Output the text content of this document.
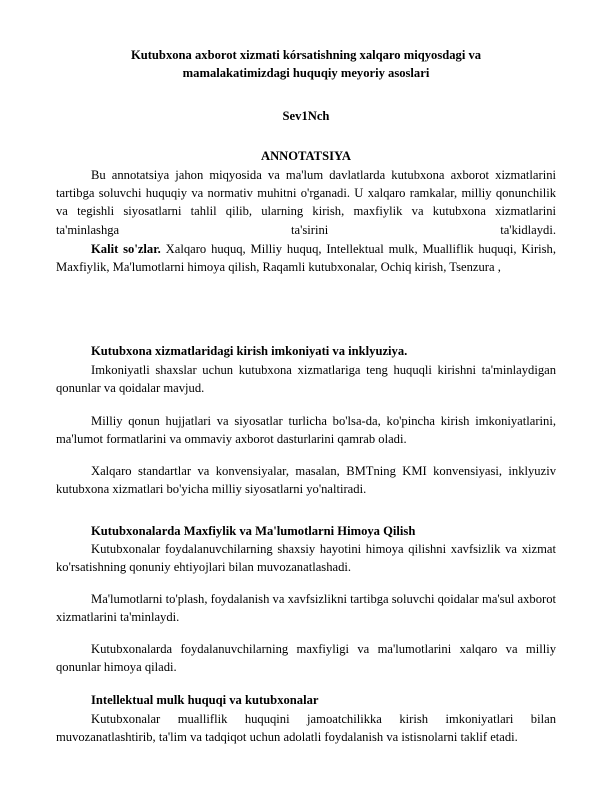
Kutubxona axborot xizmati kórsatishning xalqaro miqyosdagi va
mamalakatimizdagi huquqiy meyoriy asoslari
Sev1Nch
ANNOTATSIYA

Bu annotatsiya jahon miqyosida va ma'lum davlatlarda kutubxona axborot xizmatlarini tartibga soluvchi huquqiy va normativ muhitni o'rganadi. U xalqaro ramkalar, milliy qonunchilik va tegishli siyosatlarni tahlil qilib, ularning kirish, maxfiylik va kutubxona xizmatlarini ta'minlashga ta'sirini ta'kidlaydi.

Kalit so'zlar. Xalqaro huquq, Milliy huquq, Intellektual mulk, Mualliflik huquqi, Kirish, Maxfiylik, Ma'lumotlarni himoya qilish, Raqamli kutubxonalar, Ochiq kirish, Tsenzura ,

Kutubxona xizmatlaridagi kirish imkoniyati va inklyuziya.

Imkoniyatli shaxslar uchun kutubxona xizmatlariga teng huquqli kirishni ta'minlaydigan qonunlar va qoidalar mavjud.

Milliy qonun hujjatlari va siyosatlar turlicha bo'lsa-da, ko'pincha kirish imkoniyatlarini, ma'lumot formatlarini va ommaviy axborot dasturlarini qamrab oladi.

Xalqaro standartlar va konvensiyalar, masalan, BMTning KMI konvensiyasi, inklyuziv kutubxona xizmatlari bo'yicha milliy siyosatlarni yo'naltiradi.

Kutubxonalarda Maxfiylik va Ma'lumotlarni Himoya Qilish

Kutubxonalar foydalanuvchilarning shaxsiy hayotini himoya qilishni xavfsizlik va xizmat ko'rsatishning qonuniy ehtiyojlari bilan muvozanatlashadi.

Ma'lumotlarni to'plash, foydalanish va xavfsizlikni tartibga soluvchi qoidalar ma'sul axborot xizmatlarini ta'minlaydi.

Kutubxonalarda foydalanuvchilarning maxfiyligi va ma'lumotlarini xalqaro va milliy qonunlar himoya qiladi.

Intellektual mulk huquqi va kutubxonalar

Kutubxonalar mualliflik huquqini jamoatchilikka kirish imkoniyatlari bilan muvozanatlashtirib, ta'lim va tadqiqot uchun adolatli foydalanish va istisnolarni taklif etadi.
